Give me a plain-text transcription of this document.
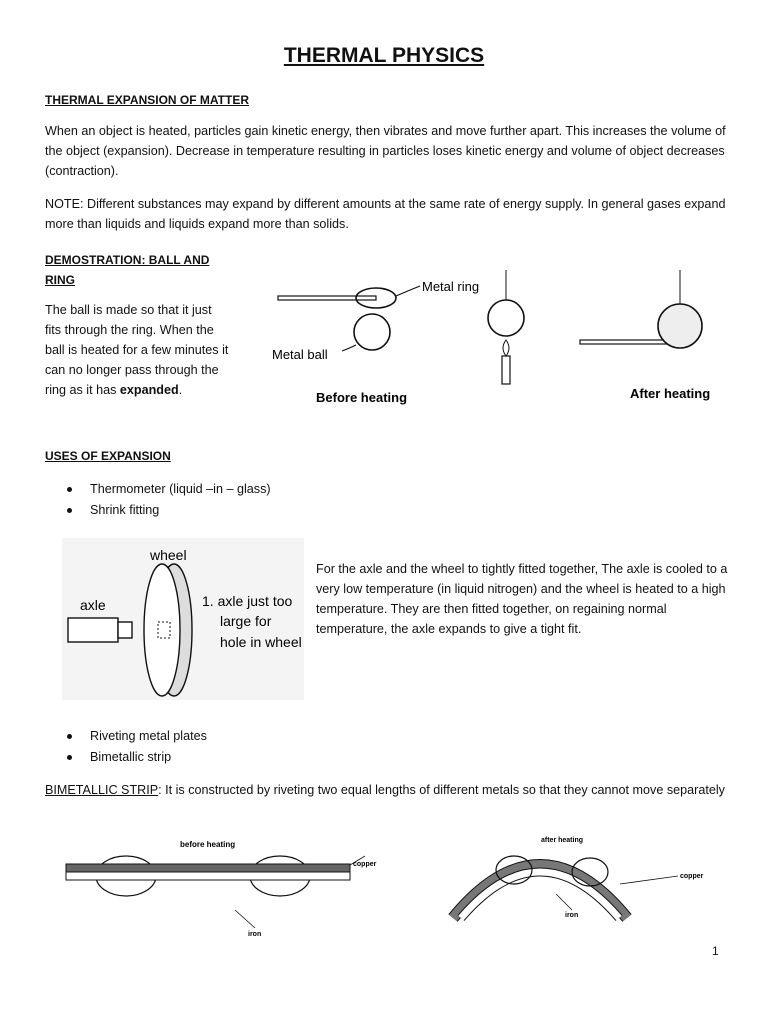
THERMAL PHYSICS
THERMAL EXPANSION OF MATTER
When an object is heated, particles gain kinetic energy, then vibrates and move further apart. This increases the volume of the object (expansion). Decrease in temperature resulting in particles loses kinetic energy and volume of object decreases (contraction).
NOTE: Different substances may expand by different amounts at the same rate of energy supply. In general gases expand more than liquids and liquids expand more than solids.
DEMOSTRATION: BALL AND RING
The ball is made so that it just fits through the ring. When the ball is heated for a few minutes it can no longer pass through the ring as it has expanded.
Metal ring
Metal ball
Before heating	After heating
USES OF EXPANSION
Thermometer (liquid –in – glass)
Shrink fitting
wheel
axle	1. axle just too
large for
hole in wheel
For the axle and the wheel to tightly fitted together, The axle is cooled to a very low temperature (in liquid nitrogen) and the wheel is heated to a high temperature. They are then fitted together, on regaining normal temperature, the axle expands to give a tight fit.
Riveting metal plates
Bimetallic strip
BIMETALLIC STRIP: It is constructed by riveting two equal lengths of different metals so that they cannot move separately
before heating
copper
iron
after heating
copper
iron
1
